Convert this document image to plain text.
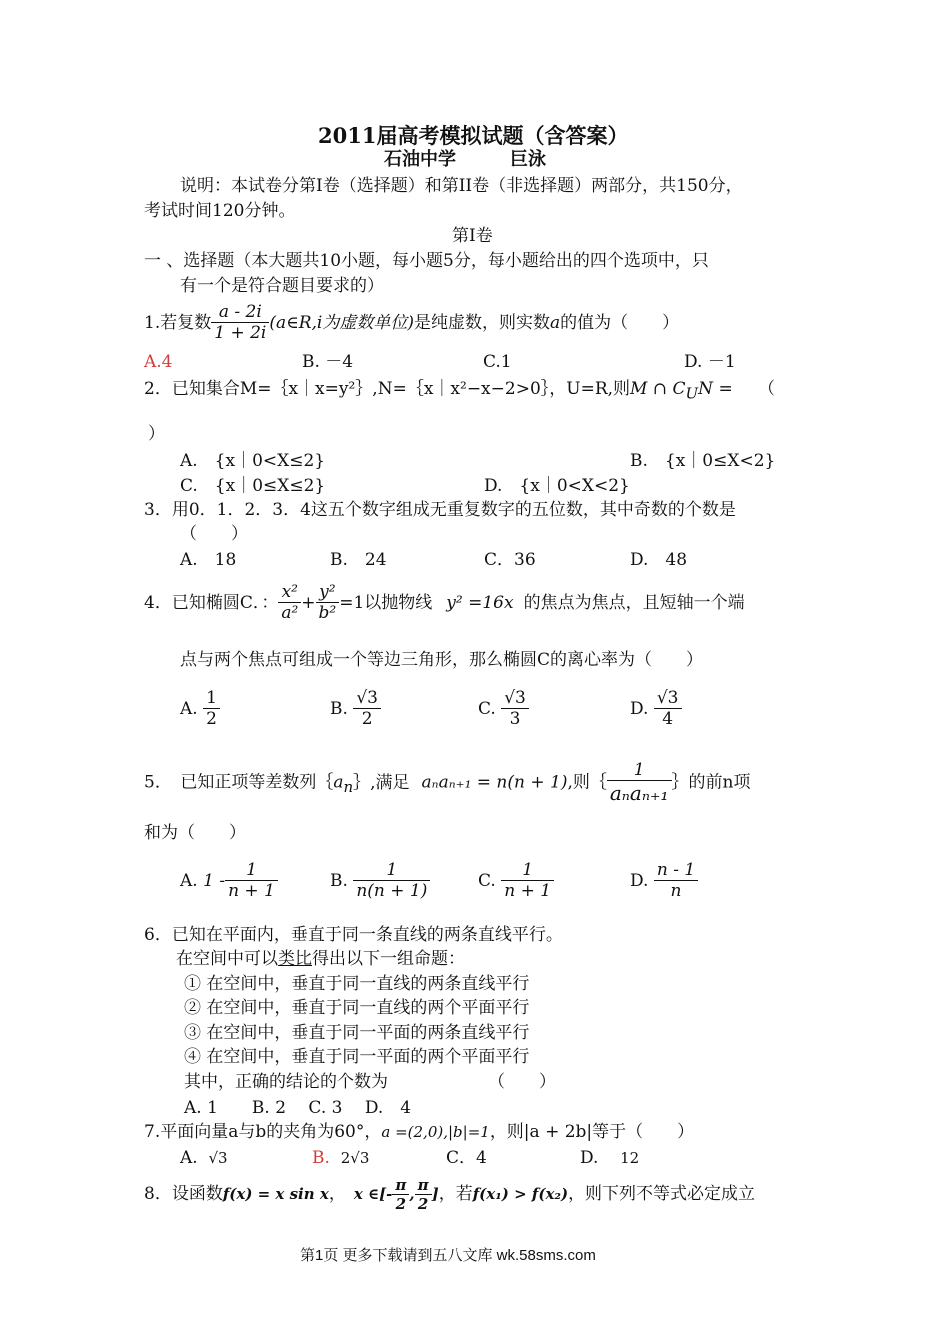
2011届高考模拟试题（含答案）
石油中学	巨泳
说明：本试卷分第I卷（选择题）和第II卷（非选择题）两部分，共150分，
考试时间120分钟。
第I卷
一 、选择题（本大题共10小题，每小题5分，每小题给出的四个选项中，只
有一个是符合题目要求的）
1.若复数 $\frac{a - 2i}{1 + 2i}$ (a∈R,i为虚数单位)是纯虚数，则实数a的值为（　　）
A.4	B. －4	C.1	D. －1
2．已知集合M=｛x｜x=y²｝,N=｛x｜x²−x−2>0｝，U=R,则M ∩ $C_UN$ = （
）
A.　{x｜0<X≤2}	B.　{x｜0≤X<2}
C.　{x｜0≤X≤2}	D.　{x｜0<X<2}
3．用0．1．2．3．4这五个数字组成无重复数字的五位数，其中奇数的个数是
（　　）
A.　18	B.　24	C．36	D.　48
4．已知椭圆C．： $\frac{\text{x²}}{\text{a²}} + \frac{\text{y²}}{\text{b²}} =1$以抛物线 y² =16x 的焦点为焦点，且短轴一个端
点与两个焦点可组成一个等边三角形，那么椭圆C的离心率为（　　）
A. $\frac{1}{2}$	B. $\frac{√3}{2}$	C. $\frac{√3}{3}$	D. $\frac{√3}{4}$
5．　已知正项等差数列$\{a_n\}$,满足 aₙaₙ₊₁ = n(n + 1),则｛ $\frac{1}{\text{aₙaₙ₊₁}}$ ｝的前n项
和为（　　）
A. $1 - \frac{1}{n + 1}$	B. $\frac{1}{n(n + 1)}$	C. $\frac{1}{n + 1}$	D. $\frac{n - 1}{n}$
6．已知在平面内，垂直于同一条直线的两条直线平行。
在空间中可以类比得出以下一组命题：
① 在空间中，垂直于同一直线的两条直线平行
② 在空间中，垂直于同一直线的两个平面平行
③ 在空间中，垂直于同一平面的两条直线平行
④ 在空间中，垂直于同一平面的两个平面平行
其中，正确的结论的个数为	（　　）
A. 1　　B. 2　 C. 3　 D.　4
7.平面向量a与b的夹角为60°，a =(2,0),|b|=1，则|a + 2b|等于（　　）
A. √3	B. 2√3	C．4	D. 12
8．设函数f(x) = x sin x， x ∈[- $\frac{\pi}{2}$ , $\frac{\pi}{2}$ ]，若f(x₁) > f(x₂)，则下列不等式必定成立
第1页 更多下载请到五八文库 wk.58sms.com
